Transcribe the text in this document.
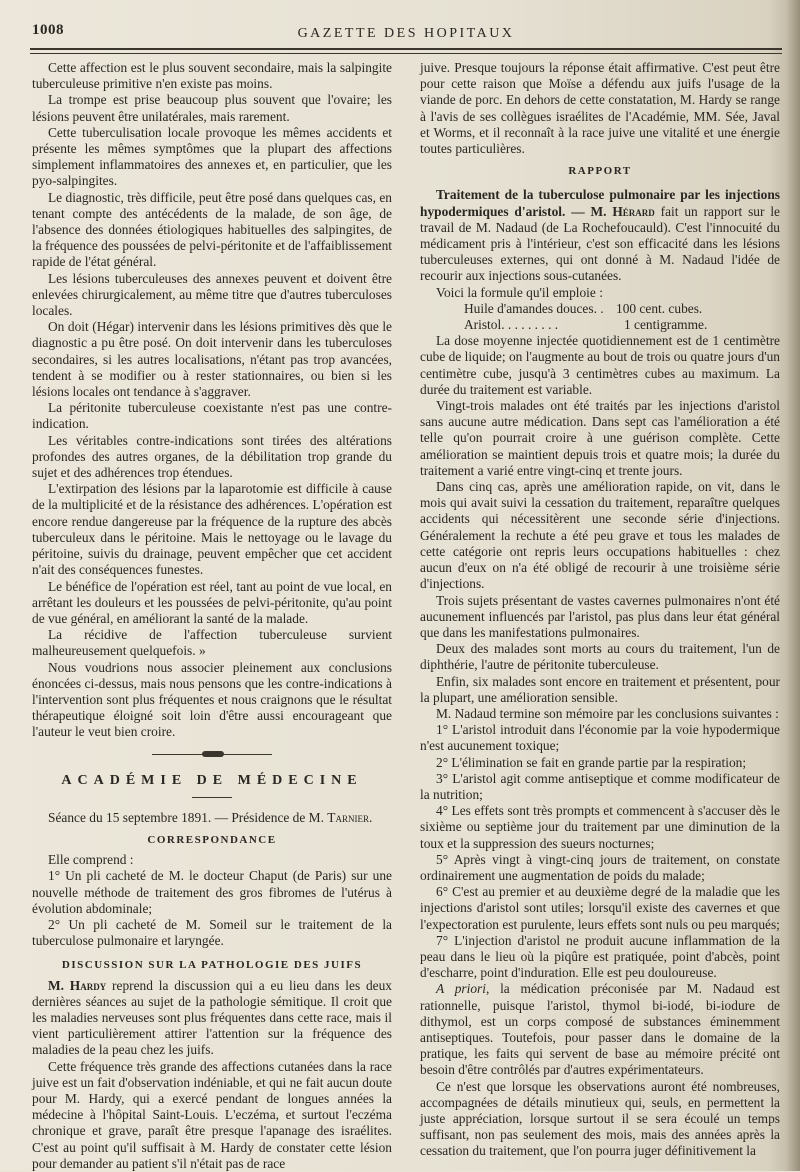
1008	GAZETTE DES HOPITAUX

Cette affection est le plus souvent secondaire, mais la salpingite tuberculeuse primitive n'en existe pas moins.

La trompe est prise beaucoup plus souvent que l'ovaire; les lésions peuvent être unilatérales, mais rarement.

Cette tuberculisation locale provoque les mêmes accidents et présente les mêmes symptômes que la plupart des affections simplement inflammatoires des annexes et, en particulier, que les pyo-salpingites.

Le diagnostic, très difficile, peut être posé dans quelques cas, en tenant compte des antécédents de la malade, de son âge, de l'absence des données étiologiques habituelles des salpingites, de la fréquence des poussées de pelvi-péritonite et de l'affaiblissement rapide de l'état général.

Les lésions tuberculeuses des annexes peuvent et doivent être enlevées chirurgicalement, au même titre que d'autres tuberculoses locales.

On doit (Hégar) intervenir dans les lésions primitives dès que le diagnostic a pu être posé. On doit intervenir dans les tuberculoses secondaires, si les autres localisations, n'étant pas trop avancées, tendent à se modifier ou à rester stationnaires, ou bien si les lésions locales ont tendance à s'aggraver.

La péritonite tuberculeuse coexistante n'est pas une contre-indication.

Les véritables contre-indications sont tirées des altérations profondes des autres organes, de la débilitation trop grande du sujet et des adhérences trop étendues.

L'extirpation des lésions par la laparotomie est difficile à cause de la multiplicité et de la résistance des adhérences. L'opération est encore rendue dangereuse par la fréquence de la rupture des abcès tuberculeux dans le péritoine. Mais le nettoyage ou le lavage du péritoine, suivis du drainage, peuvent empêcher que cet accident n'ait des conséquences funestes.

Le bénéfice de l'opération est réel, tant au point de vue local, en arrêtant les douleurs et les poussées de pelvi-péritonite, qu'au point de vue général, en améliorant la santé de la malade.

La récidive de l'affection tuberculeuse survient malheureusement quelquefois. »

Nous voudrions nous associer pleinement aux conclusions énoncées ci-dessus, mais nous pensons que les contre-indications à l'intervention sont plus fréquentes et nous craignons que le résultat thérapeutique éloigné soit loin d'être aussi encourageant que l'auteur le veut bien croire.

ACADÉMIE DE MÉDECINE

Séance du 15 septembre 1891. — Présidence de M. Tarnier.

CORRESPONDANCE

Elle comprend :

1° Un pli cacheté de M. le docteur Chaput (de Paris) sur une nouvelle méthode de traitement des gros fibromes de l'utérus à évolution abdominale;

2° Un pli cacheté de M. Someil sur le traitement de la tuberculose pulmonaire et laryngée.

DISCUSSION SUR LA PATHOLOGIE DES JUIFS

M. Hardy reprend la discussion qui a eu lieu dans les deux dernières séances au sujet de la pathologie sémitique. Il croit que les maladies nerveuses sont plus fréquentes dans cette race, mais il vient particulièrement attirer l'attention sur la fréquence des maladies de la peau chez les juifs.

Cette fréquence très grande des affections cutanées dans la race juive est un fait d'observation indéniable, et qui ne fait aucun doute pour M. Hardy, qui a exercé pendant de longues années la médecine à l'hôpital Saint-Louis. L'eczéma, et surtout l'eczéma chronique et grave, paraît être presque l'apanage des israélites. C'est au point qu'il suffisait à M. Hardy de constater cette lésion pour demander au patient s'il n'était pas de race

juive. Presque toujours la réponse était affirmative. C'est peut être pour cette raison que Moïse a défendu aux juifs l'usage de la viande de porc. En dehors de cette constatation, M. Hardy se range à l'avis de ses collègues israélites de l'Académie, MM. Sée, Javal et Worms, et il reconnaît à la race juive une vitalité et une énergie toutes particulières.

RAPPORT

Traitement de la tuberculose pulmonaire par les injections hypodermiques d'aristol. — M. Hérard fait un rapport sur le travail de M. Nadaud (de La Rochefoucauld). C'est l'innocuité du médicament pris à l'intérieur, c'est son efficacité dans les lésions tuberculeuses externes, qui ont donné à M. Nadaud l'idée de recourir aux injections sous-cutanées.

Voici la formule qu'il emploie :

Huile d'amandes douces. . 100 cent. cubes.
Aristol. . . . . . . . .	1 centigramme.

La dose moyenne injectée quotidiennement est de 1 centimètre cube de liquide; on l'augmente au bout de trois ou quatre jours d'un centimètre cube, jusqu'à 3 centimètres cubes au maximum. La durée du traitement est variable.

Vingt-trois malades ont été traités par les injections d'aristol sans aucune autre médication. Dans sept cas l'amélioration a été telle qu'on pourrait croire à une guérison complète. Cette amélioration se maintient depuis trois et quatre mois; la durée du traitement a varié entre vingt-cinq et trente jours.

Dans cinq cas, après une amélioration rapide, on vit, dans le mois qui avait suivi la cessation du traitement, reparaître quelques accidents qui nécessitèrent une seconde série d'injections. Généralement la rechute a été peu grave et tous les malades de cette catégorie ont repris leurs occupations habituelles : chez aucun d'eux on n'a été obligé de recourir à une troisième série d'injections.

Trois sujets présentant de vastes cavernes pulmonaires n'ont été aucunement influencés par l'aristol, pas plus dans leur état général que dans les manifestations pulmonaires.

Deux des malades sont morts au cours du traitement, l'un de diphthérie, l'autre de péritonite tuberculeuse.

Enfin, six malades sont encore en traitement et présentent, pour la plupart, une amélioration sensible.

M. Nadaud termine son mémoire par les conclusions suivantes :

1° L'aristol introduit dans l'économie par la voie hypodermique n'est aucunement toxique;

2° L'élimination se fait en grande partie par la respiration;

3° L'aristol agit comme antiseptique et comme modificateur de la nutrition;

4° Les effets sont très prompts et commencent à s'accuser dès le sixième ou septième jour du traitement par une diminution de la toux et la suppression des sueurs nocturnes;

5° Après vingt à vingt-cinq jours de traitement, on constate ordinairement une augmentation de poids du malade;

6° C'est au premier et au deuxième degré de la maladie que les injections d'aristol sont utiles; lorsqu'il existe des cavernes et que l'expectoration est purulente, leurs effets sont nuls ou peu marqués;

7° L'injection d'aristol ne produit aucune inflammation de la peau dans le lieu où la piqûre est pratiquée, point d'abcès, point d'escharre, point d'induration. Elle est peu douloureuse.

A priori, la médication préconisée par M. Nadaud est rationnelle, puisque l'aristol, thymol bi-iodé, bi-iodure de dithymol, est un corps composé de substances éminemment antiseptiques. Toutefois, pour passer dans le domaine de la pratique, les faits qui servent de base au mémoire précité ont besoin d'être contrôlés par d'autres expérimentateurs.

Ce n'est que lorsque les observations auront été nombreuses, accompagnées de détails minutieux qui, seuls, en permettent la juste appréciation, lorsque surtout il se sera écoulé un temps suffisant, non pas seulement des mois, mais des années après la cessation du traitement, que l'on pourra juger définitivement la
